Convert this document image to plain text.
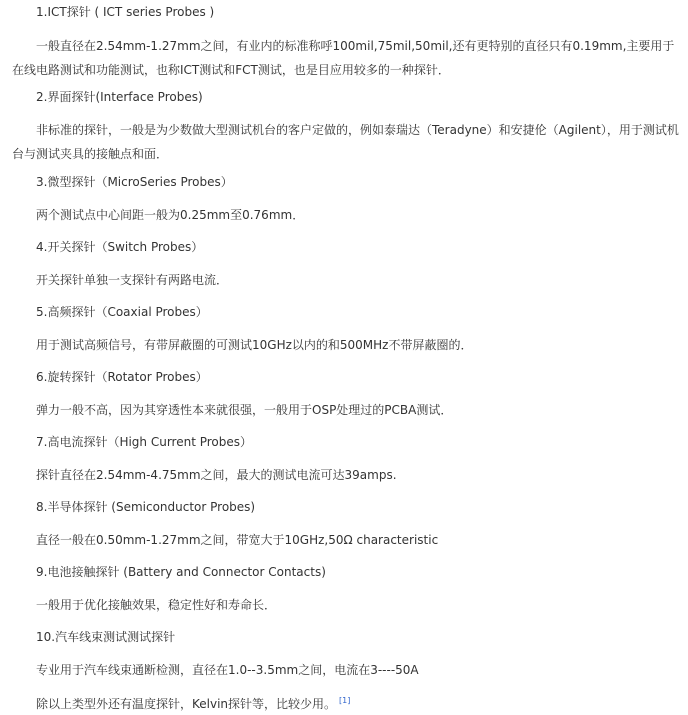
1.ICT探针 ( ICT series Probes )

一般直径在2.54mm-1.27mm之间，有业内的标准称呼100mil,75mil,50mil,还有更特别的直径只有0.19mm,主要用于在线电路测试和功能测试，也称ICT测试和FCT测试，也是目应用较多的一种探针．

2.界面探针(Interface Probes)

非标准的探针，一般是为少数做大型测试机台的客户定做的，例如泰瑞达（Teradyne）和安捷伦（Agilent），用于测试机台与测试夹具的接触点和面．

3.微型探针（MicroSeries Probes）
两个测试点中心间距一般为0.25mm至0.76mm．
4.开关探针（Switch Probes）
开关探针单独一支探针有两路电流．
5.高频探针（Coaxial Probes）
用于测试高频信号，有带屏蔽圈的可测试10GHz以内的和500MHz不带屏蔽圈的．
6.旋转探针（Rotator Probes）
弹力一般不高，因为其穿透性本来就很强，一般用于OSP处理过的PCBA测试．
7.高电流探针（High Current Probes）
探针直径在2.54mm-4.75mm之间，最大的测试电流可达39amps.
8.半导体探针 (Semiconductor Probes)
直径一般在0.50mm-1.27mm之间，带宽大于10GHz,50Ω characteristic
9.电池接触探针 (Battery and Connector Contacts)
一般用于优化接触效果，稳定性好和寿命长．
10.汽车线束测试测试探针
专业用于汽车线束通断检测，直径在1.0--3.5mm之间，电流在3----50A
除以上类型外还有温度探针，Kelvin探针等，比较少用。 [1]
